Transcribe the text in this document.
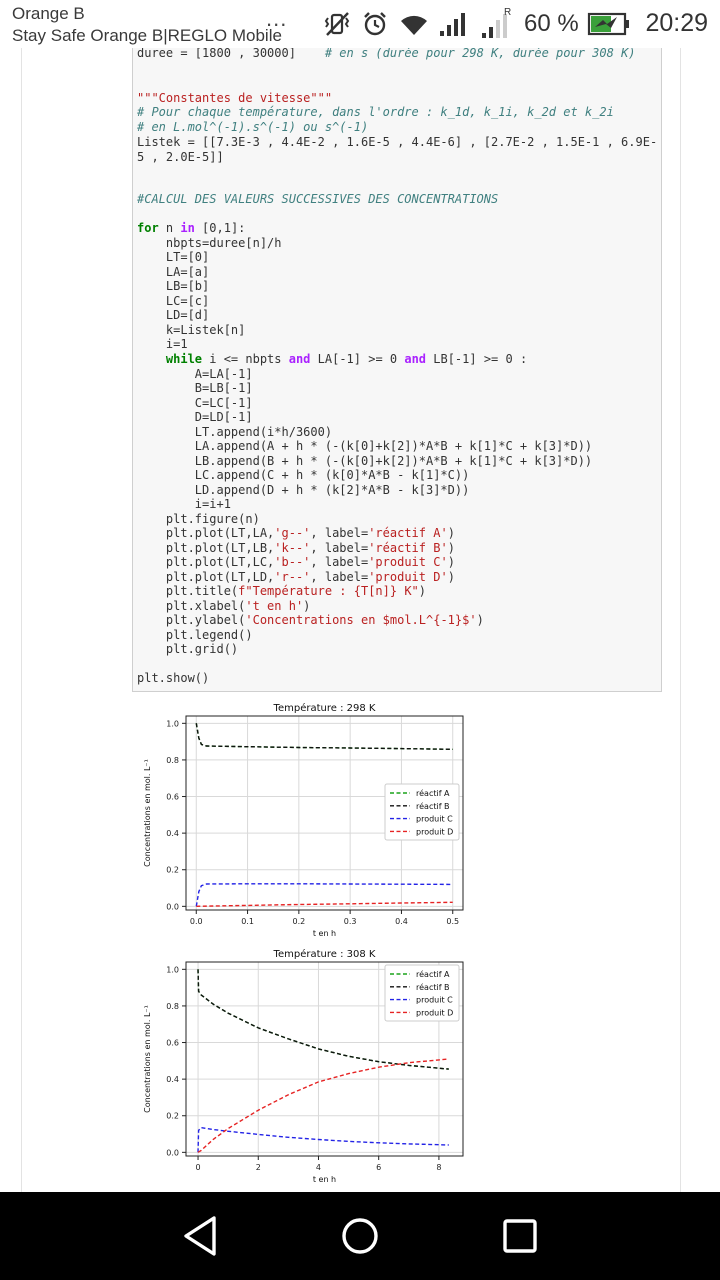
Orange B
Stay Safe Orange B|REGLO Mobile
...	R 60 %	20:29
duree = [1800 , 30000] # en s (durée pour 298 K, durée pour 308 K)
"""Constantes de vitesse"""
# Pour chaque température, dans l'ordre : k_1d, k_1i, k_2d et k_2i
# en L.mol^(-1).s^(-1) ou s^(-1)
Listek = [[7.3E-3 , 4.4E-2 , 1.6E-5 , 4.4E-6] , [2.7E-2 , 1.5E-1 , 6.9E-
5 , 2.0E-5]]
#CALCUL DES VALEURS SUCCESSIVES DES CONCENTRATIONS
for n in [0,1]:
nbpts=duree[n]/h
LT=[0]
LA=[a]
LB=[b]
LC=[c]
LD=[d]
k=Listek[n]
i=1
while i <= nbpts and LA[-1] >= 0 and LB[-1] >= 0 :
A=LA[-1]
B=LB[-1]
C=LC[-1]
D=LD[-1]
LT.append(i*h/3600)
LA.append(A + h * (-(k[0]+k[2])*A*B + k[1]*C + k[3]*D))
LB.append(B + h * (-(k[0]+k[2])*A*B + k[1]*C + k[3]*D))
LC.append(C + h * (k[0]*A*B - k[1]*C))
LD.append(D + h * (k[2]*A*B - k[3]*D))
i=i+1
plt.figure(n)
plt.plot(LT,LA,'g--', label='réactif A')
plt.plot(LT,LB,'k--', label='réactif B')
plt.plot(LT,LC,'b--', label='produit C')
plt.plot(LT,LD,'r--', label='produit D')
plt.title(f"Température : {T[n]} K")
plt.xlabel('t en h')
plt.ylabel('Concentrations en $mol.L^{-1}$')
plt.legend()
plt.grid()
plt.show()
0.0	0.1	0.2	0.3	0.4	0.5
0.0
0.2
0.4
0.6
0.8
1.0
Température : 298 K
t en h
Concentrations en mol. L⁻¹	réactif A
réactif B
produit C
produit D
0	2	4	6	8
0.0
0.2
0.4
0.6
0.8
1.0
Température : 308 K
t en h
Concentrations en mol. L⁻¹
réactif A
réactif B
produit C
produit D
